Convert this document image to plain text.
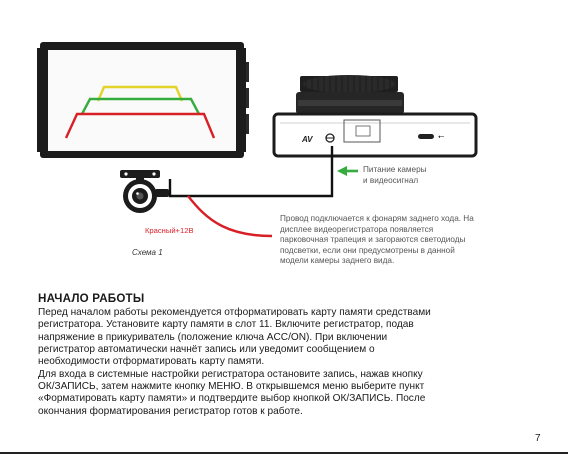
AV	⭠
Питание камеры
и видеосигнал
Красный+12В
Провод подключается к фонарям заднего хода. На
дисплее видеорегистратора появляется
парковочная трапеция и загораются светодиоды
подсветки, если они предусмотрены в данной
модели камеры заднего вида.
Схема 1
НАЧАЛО РАБОТЫ
Перед началом работы рекомендуется отформатировать карту памяти средствами
регистратора. Установите карту памяти в слот 11. Включите регистратор, подав
напряжение в прикуриватель (положение ключа ACC/ON). При включении
регистратор автоматически начнёт запись или уведомит сообщением о
необходимости отформатировать карту памяти.
Для входа в системные настройки регистратора остановите запись, нажав кнопку
ОК/ЗАПИСЬ, затем нажмите кнопку МЕНЮ. В открывшемся меню выберите пункт
«Форматировать карту памяти» и подтвердите выбор кнопкой ОК/ЗАПИСЬ. После
окончания форматирования регистратор готов к работе.
7
